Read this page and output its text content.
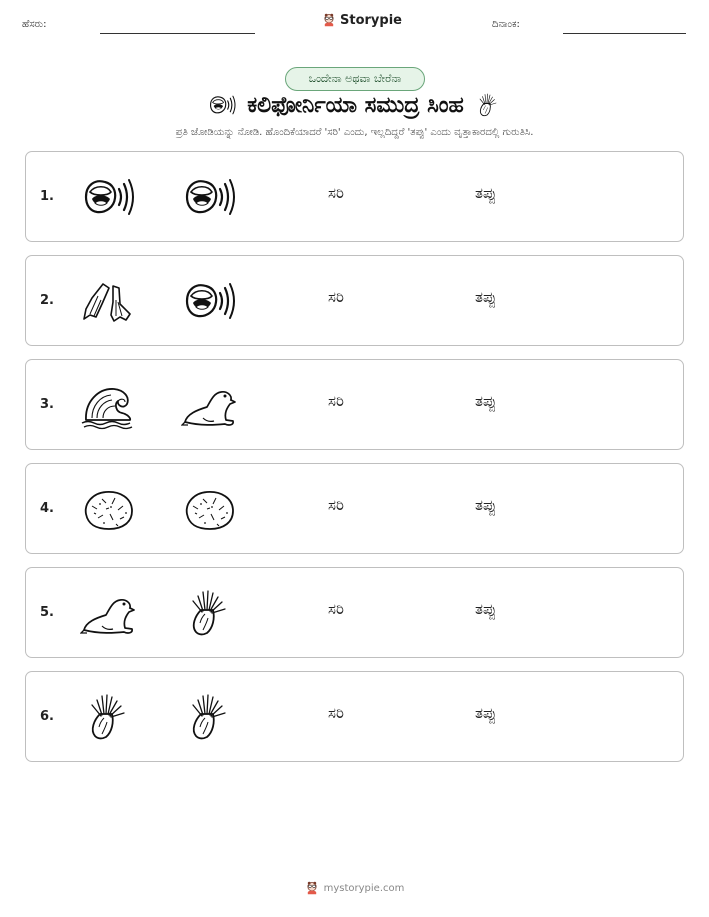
ಹೆಸರು:	Storypie	ದಿನಾಂಕ:
ಒಂದೇನಾ ಅಥವಾ ಬೇರೆನಾ
ಕಲಿಫೋರ್ನಿಯಾ ಸಮುದ್ರ ಸಿಂಹ
ಪ್ರತಿ ಜೋಡಿಯನ್ನು ನೋಡಿ. ಹೊಂದಿಕೆಯಾದರೆ 'ಸರಿ' ಎಂದು, ಇಲ್ಲದಿದ್ದರೆ 'ತಪ್ಪು' ಎಂದು ವೃತ್ತಾಕಾರದಲ್ಲಿ ಗುರುತಿಸಿ.
1.	ಸರಿ	ತಪ್ಪು
2.	ಸರಿ	ತಪ್ಪು
3.	ಸರಿ	ತಪ್ಪು
4.	ಸರಿ	ತಪ್ಪು
5.	ಸರಿ	ತಪ್ಪು
6.	ಸರಿ	ತಪ್ಪು
mystorypie.com
